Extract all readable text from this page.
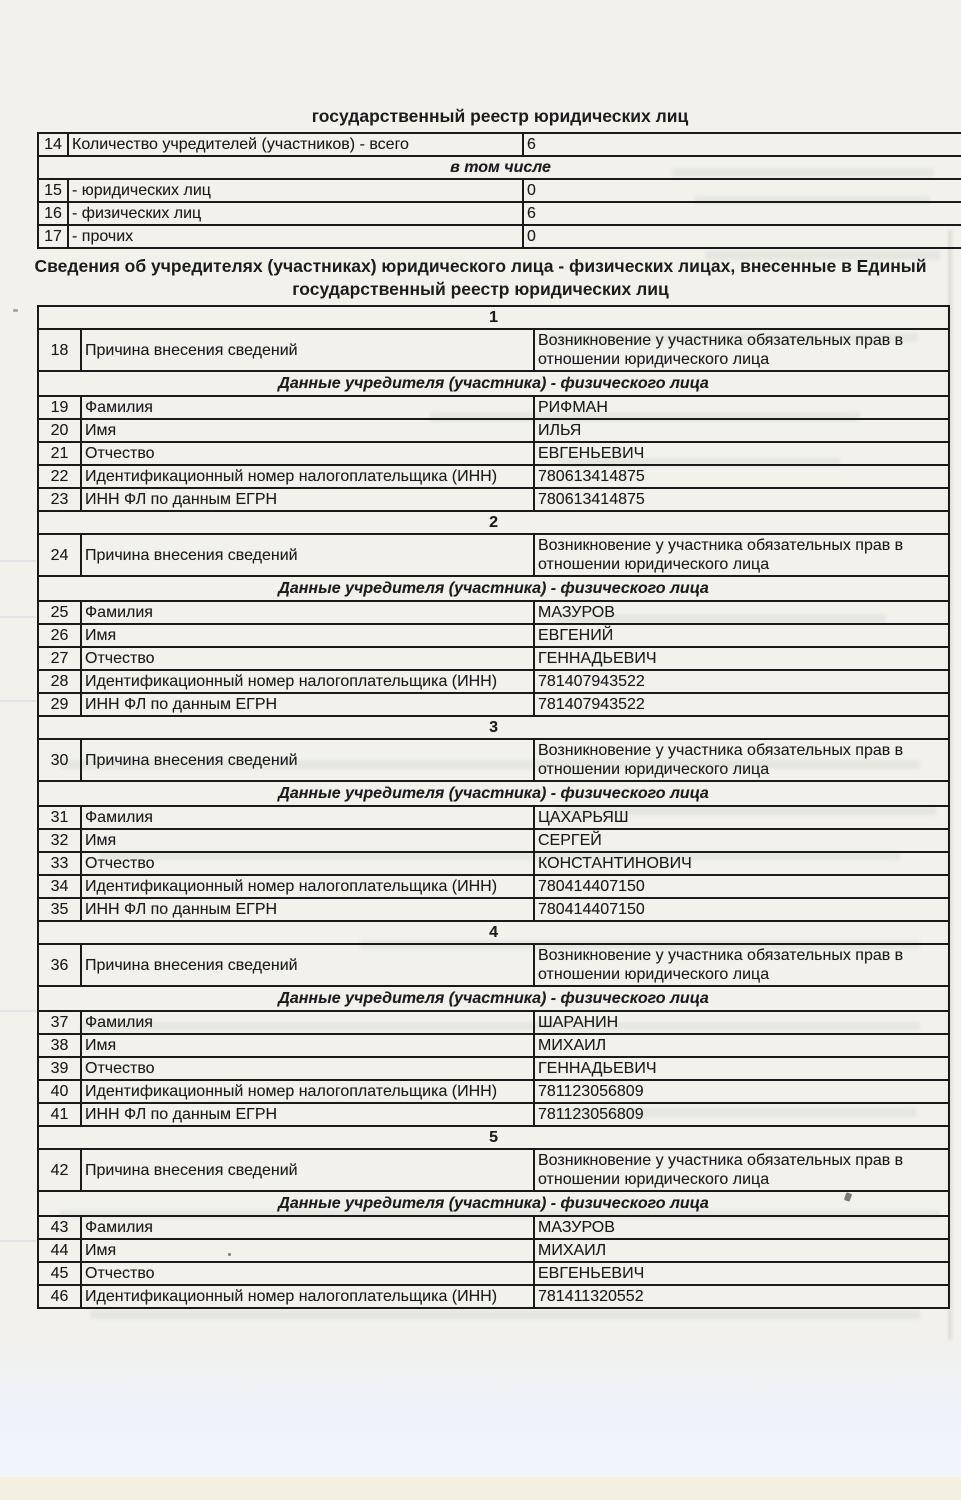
государственный реестр юридических лиц
14	Количество учредителей (участников) - всего	6
в том числе		
15	- юридических лиц	0
16	- физических лиц	6
17	- прочих	0
Сведения об учредителях (участниках) юридического лица - физических лицах, внесенные в Единый государственный реестр юридических лиц
1		
18	Причина внесения сведений	Возникновение у участника обязательных прав в отношении юридического лица
Данные учредителя (участника) - физического лица		
19	Фамилия	РИФМАН
20	Имя	ИЛЬЯ
21	Отчество	ЕВГЕНЬЕВИЧ
22	Идентификационный номер налогоплательщика (ИНН)	780613414875
23	ИНН ФЛ по данным ЕГРН	780613414875
2		
24	Причина внесения сведений	Возникновение у участника обязательных прав в отношении юридического лица
Данные учредителя (участника) - физического лица		
25	Фамилия	МАЗУРОВ
26	Имя	ЕВГЕНИЙ
27	Отчество	ГЕННАДЬЕВИЧ
28	Идентификационный номер налогоплательщика (ИНН)	781407943522
29	ИНН ФЛ по данным ЕГРН	781407943522
3		
30	Причина внесения сведений	Возникновение у участника обязательных прав в отношении юридического лица
Данные учредителя (участника) - физического лица		
31	Фамилия	ЦАХАРЬЯШ
32	Имя	СЕРГЕЙ
33	Отчество	КОНСТАНТИНОВИЧ
34	Идентификационный номер налогоплательщика (ИНН)	780414407150
35	ИНН ФЛ по данным ЕГРН	780414407150
4		
36	Причина внесения сведений	Возникновение у участника обязательных прав в отношении юридического лица
Данные учредителя (участника) - физического лица		
37	Фамилия	ШАРАНИН
38	Имя	МИХАИЛ
39	Отчество	ГЕННАДЬЕВИЧ
40	Идентификационный номер налогоплательщика (ИНН)	781123056809
41	ИНН ФЛ по данным ЕГРН	781123056809
5		
42	Причина внесения сведений	Возникновение у участника обязательных прав в отношении юридического лица
Данные учредителя (участника) - физического лица		
43	Фамилия	МАЗУРОВ
44	Имя	МИХАИЛ
45	Отчество	ЕВГЕНЬЕВИЧ
46	Идентификационный номер налогоплательщика (ИНН)	781411320552
